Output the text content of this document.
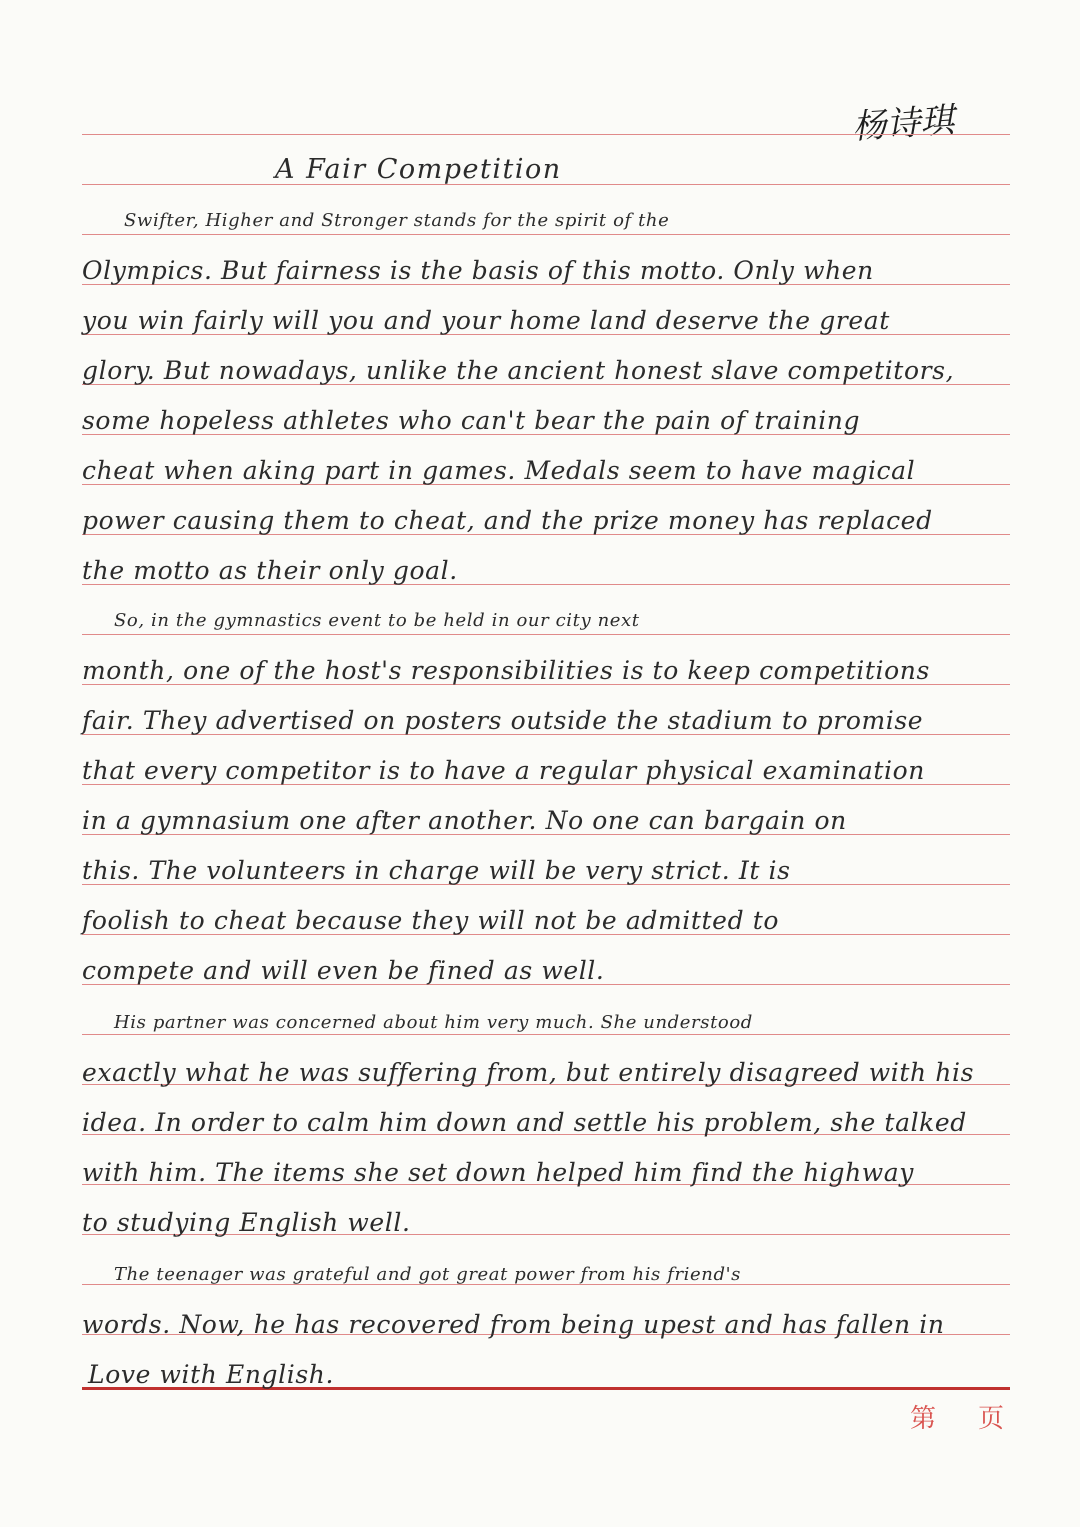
杨诗琪
A Fair Competition
Swifter, Higher and Stronger stands for the spirit of the
Olympics. But fairness is the basis of this motto. Only when
you win fairly will you and your home land deserve the great
glory. But nowadays, unlike the ancient honest slave competitors,
some hopeless athletes who can't bear the pain of training
cheat when aking part in games. Medals seem to have magical
power causing them to cheat, and the prize money has replaced
the motto as their only goal.
So, in the gymnastics event to be held in our city next
month, one of the host's responsibilities is to keep competitions
fair. They advertised on posters outside the stadium to promise
that every competitor is to have a regular physical examination
in a gymnasium one after another. No one can bargain on
this. The volunteers in charge will be very strict. It is
foolish to cheat because they will not be admitted to
compete and will even be fined as well.
His partner was concerned about him very much. She understood
exactly what he was suffering from, but entirely disagreed with his
idea. In order to calm him down and settle his problem, she talked
with him. The items she set down helped him find the highway
to studying English well.
The teenager was grateful and got great power from his friend's
words. Now, he has recovered from being upest and has fallen in
Love with English.
第 页
